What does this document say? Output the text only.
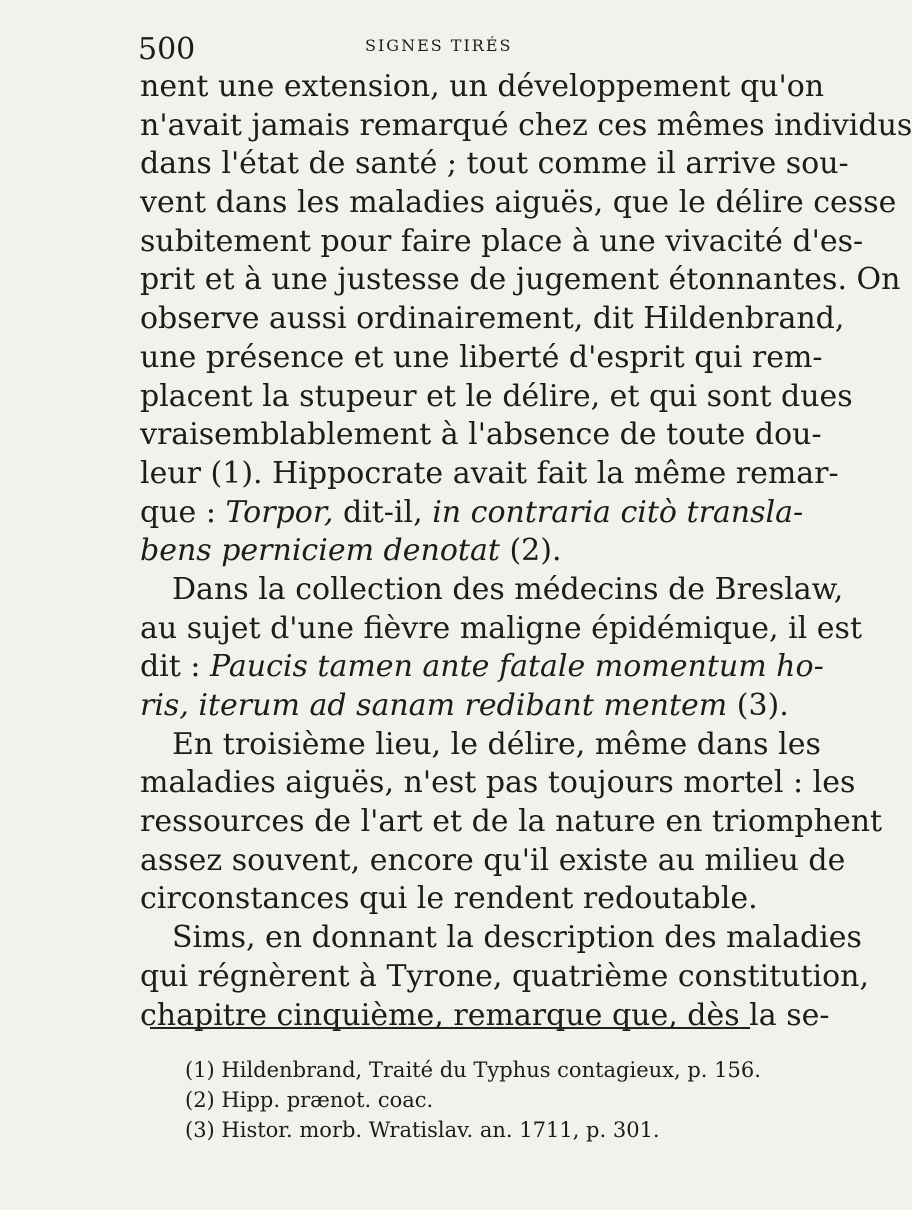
500	SIGNES TIRÉS
nent une extension, un développement qu'on
n'avait jamais remarqué chez ces mêmes individus
dans l'état de santé ; tout comme il arrive sou-
vent dans les maladies aiguës, que le délire cesse
subitement pour faire place à une vivacité d'es-
prit et à une justesse de jugement étonnantes. On
observe aussi ordinairement, dit Hildenbrand,
une présence et une liberté d'esprit qui rem-
placent la stupeur et le délire, et qui sont dues
vraisemblablement à l'absence de toute dou-
leur (1). Hippocrate avait fait la même remar-
que : Torpor, dit-il, in contraria citò transla-
bens perniciem denotat (2).
Dans la collection des médecins de Breslaw,
au sujet d'une fièvre maligne épidémique, il est
dit : Paucis tamen ante fatale momentum ho-
ris, iterum ad sanam redibant mentem (3).
En troisième lieu, le délire, même dans les
maladies aiguës, n'est pas toujours mortel : les
ressources de l'art et de la nature en triomphent
assez souvent, encore qu'il existe au milieu de
circonstances qui le rendent redoutable.
Sims, en donnant la description des maladies
qui régnèrent à Tyrone, quatrième constitution,
chapitre cinquième, remarque que, dès la se-
(1) Hildenbrand, Traité du Typhus contagieux, p. 156.
(2) Hipp. prænot. coac.
(3) Histor. morb. Wratislav. an. 1711, p. 301.
